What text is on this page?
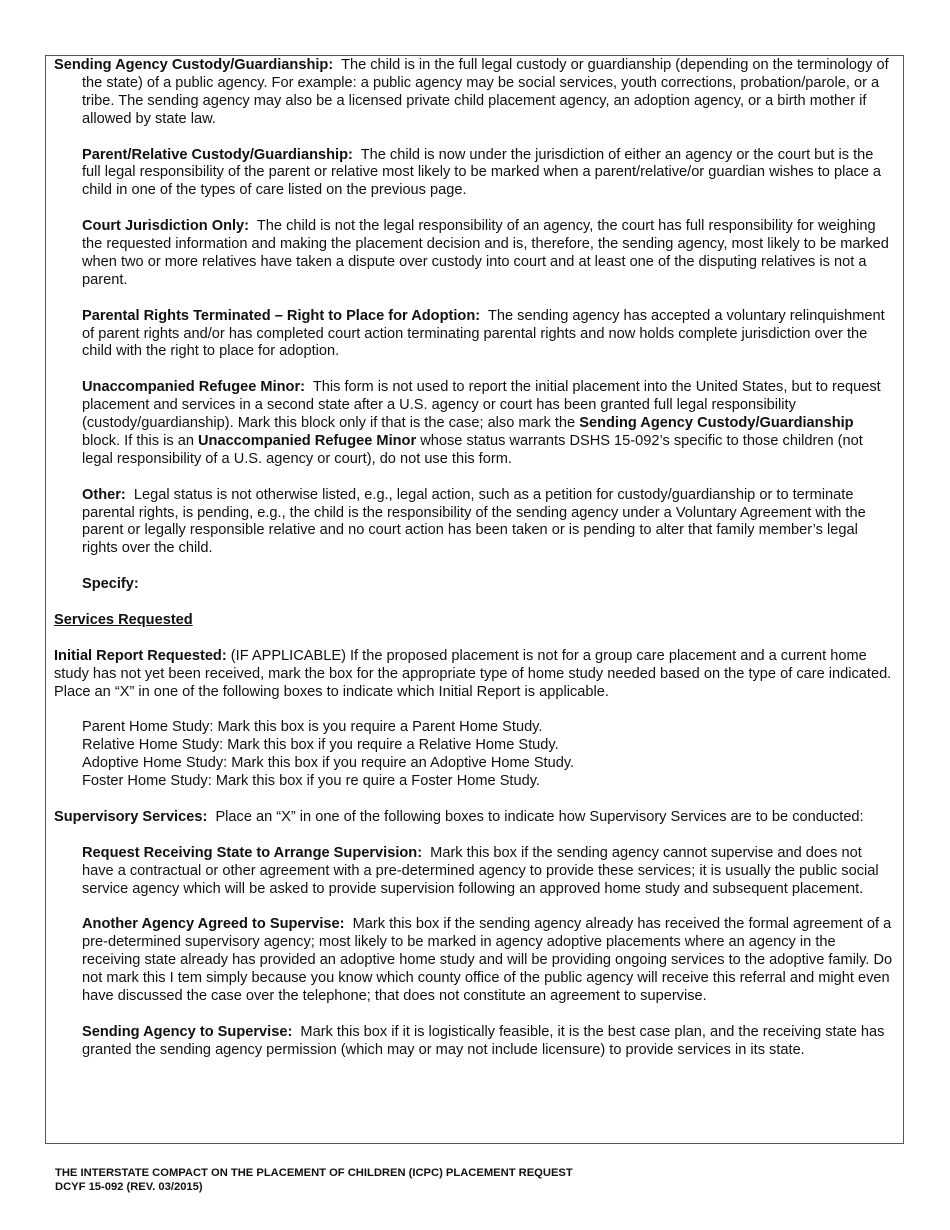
Sending Agency Custody/Guardianship: The child is in the full legal custody or guardianship (depending on the terminology of the state) of a public agency. For example: a public agency may be social services, youth corrections, probation/parole, or a tribe. The sending agency may also be a licensed private child placement agency, an adoption agency, or a birth mother if allowed by state law.

Parent/Relative Custody/Guardianship: The child is now under the jurisdiction of either an agency or the court but is the full legal responsibility of the parent or relative most likely to be marked when a parent/relative/or guardian wishes to place a child in one of the types of care listed on the previous page.

Court Jurisdiction Only: The child is not the legal responsibility of an agency, the court has full responsibility for weighing the requested information and making the placement decision and is, therefore, the sending agency, most likely to be marked when two or more relatives have taken a dispute over custody into court and at least one of the disputing relatives is not a parent.

Parental Rights Terminated – Right to Place for Adoption: The sending agency has accepted a voluntary relinquishment of parent rights and/or has completed court action terminating parental rights and now holds complete jurisdiction over the child with the right to place for adoption.

Unaccompanied Refugee Minor: This form is not used to report the initial placement into the United States, but to request placement and services in a second state after a U.S. agency or court has been granted full legal responsibility (custody/guardianship). Mark this block only if that is the case; also mark the Sending Agency Custody/Guardianship block. If this is an Unaccompanied Refugee Minor whose status warrants DSHS 15-092’s specific to those children (not legal responsibility of a U.S. agency or court), do not use this form.

Other: Legal status is not otherwise listed, e.g., legal action, such as a petition for custody/guardianship or to terminate parental rights, is pending, e.g., the child is the responsibility of the sending agency under a Voluntary Agreement with the parent or legally responsible relative and no court action has been taken or is pending to alter that family member’s legal rights over the child.

Specify:

Services Requested

Initial Report Requested: (IF APPLICABLE) If the proposed placement is not for a group care placement and a current home study has not yet been received, mark the box for the appropriate type of home study needed based on the type of care indicated. Place an “X” in one of the following boxes to indicate which Initial Report is applicable.

Parent Home Study: Mark this box is you require a Parent Home Study.

Relative Home Study: Mark this box if you require a Relative Home Study.

Adoptive Home Study: Mark this box if you require an Adoptive Home Study.

Foster Home Study: Mark this box if you re quire a Foster Home Study.

Supervisory Services: Place an “X” in one of the following boxes to indicate how Supervisory Services are to be conducted:

Request Receiving State to Arrange Supervision: Mark this box if the sending agency cannot supervise and does not have a contractual or other agreement with a pre-determined agency to provide these services; it is usually the public social service agency which will be asked to provide supervision following an approved home study and subsequent placement.

Another Agency Agreed to Supervise: Mark this box if the sending agency already has received the formal agreement of a pre-determined supervisory agency; most likely to be marked in agency adoptive placements where an agency in the receiving state already has provided an adoptive home study and will be providing ongoing services to the adoptive family. Do not mark this I tem simply because you know which county office of the public agency will receive this referral and might even have discussed the case over the telephone; that does not constitute an agreement to supervise.

Sending Agency to Supervise: Mark this box if it is logistically feasible, it is the best case plan, and the receiving state has granted the sending agency permission (which may or may not include licensure) to provide services in its state.

THE INTERSTATE COMPACT ON THE PLACEMENT OF CHILDREN (ICPC) PLACEMENT REQUEST
DCYF 15-092 (REV. 03/2015)
